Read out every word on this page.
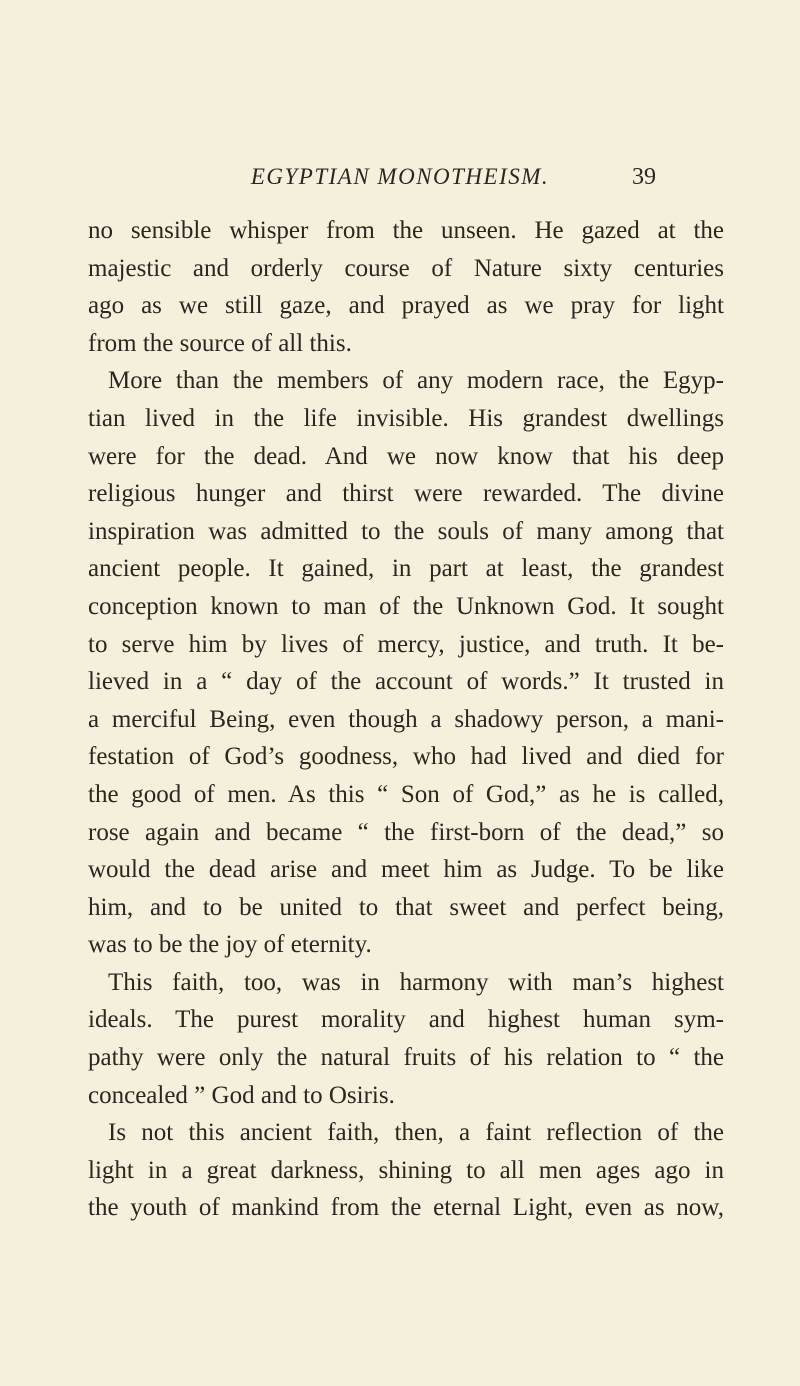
EGYPTIAN MONOTHEISM.	39
no sensible whisper from the unseen. He gazed at the
majestic and orderly course of Nature sixty centuries
ago as we still gaze, and prayed as we pray for light
from the source of all this.
More than the members of any modern race, the Egyp-
tian lived in the life invisible. His grandest dwellings
were for the dead. And we now know that his deep
religious hunger and thirst were rewarded. The divine
inspiration was admitted to the souls of many among that
ancient people. It gained, in part at least, the grandest
conception known to man of the Unknown God. It sought
to serve him by lives of mercy, justice, and truth. It be-
lieved in a “ day of the account of words.” It trusted in
a merciful Being, even though a shadowy person, a mani-
festation of God’s goodness, who had lived and died for
the good of men. As this “ Son of God,” as he is called,
rose again and became “ the first-born of the dead,” so
would the dead arise and meet him as Judge. To be like
him, and to be united to that sweet and perfect being,
was to be the joy of eternity.
This faith, too, was in harmony with man’s highest
ideals. The purest morality and highest human sym-
pathy were only the natural fruits of his relation to “ the
concealed ” God and to Osiris.
Is not this ancient faith, then, a faint reflection of the
light in a great darkness, shining to all men ages ago in
the youth of mankind from the eternal Light, even as now,
